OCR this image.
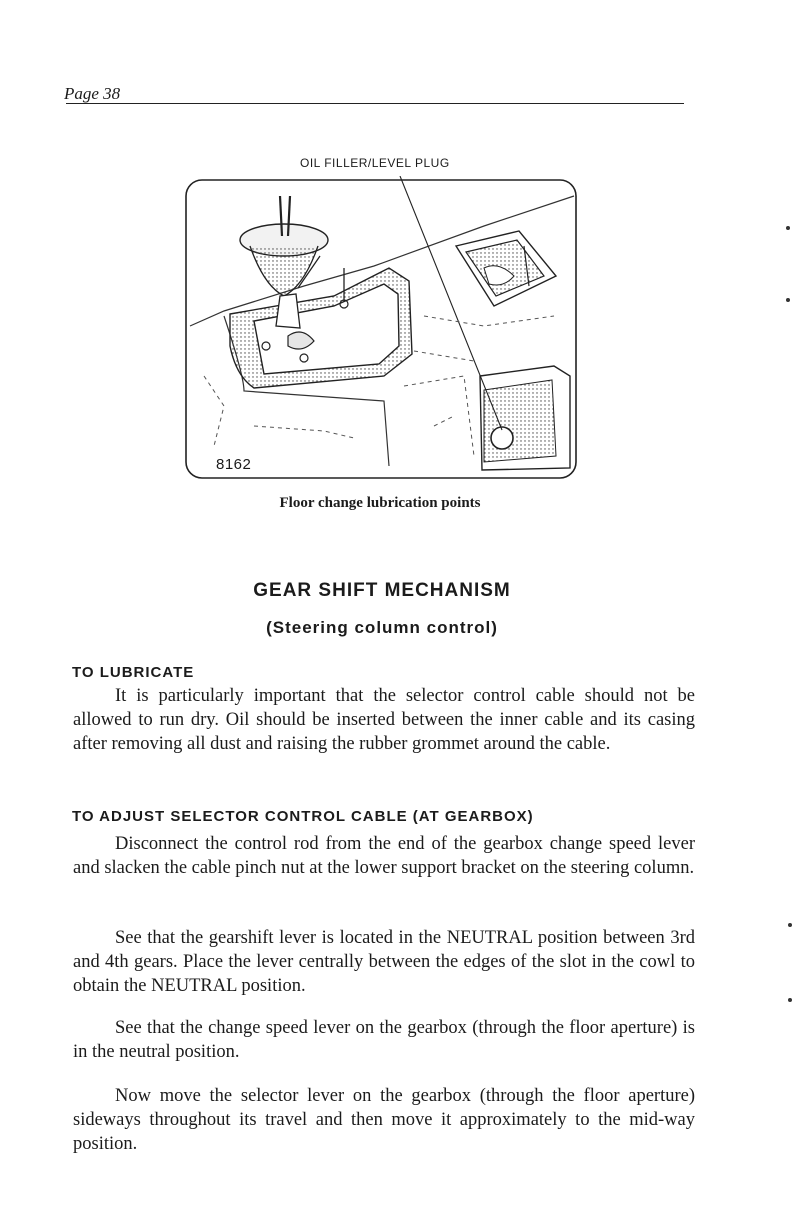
Page 38
OIL FILLER/LEVEL PLUG
8162
Floor change lubrication points
GEAR SHIFT MECHANISM
(Steering column control)
TO LUBRICATE

It is particularly important that the selector control cable should not be allowed to run dry. Oil should be inserted between the inner cable and its casing after removing all dust and raising the rubber grommet around the cable.

TO ADJUST SELECTOR CONTROL CABLE (AT GEARBOX)

Disconnect the control rod from the end of the gearbox change speed lever and slacken the cable pinch nut at the lower support bracket on the steering column.

See that the gearshift lever is located in the NEUTRAL position between 3rd and 4th gears. Place the lever centrally between the edges of the slot in the cowl to obtain the NEUTRAL position.

See that the change speed lever on the gearbox (through the floor aperture) is in the neutral position.

Now move the selector lever on the gearbox (through the floor aperture) sideways throughout its travel and then move it approximately to the mid-way position.
